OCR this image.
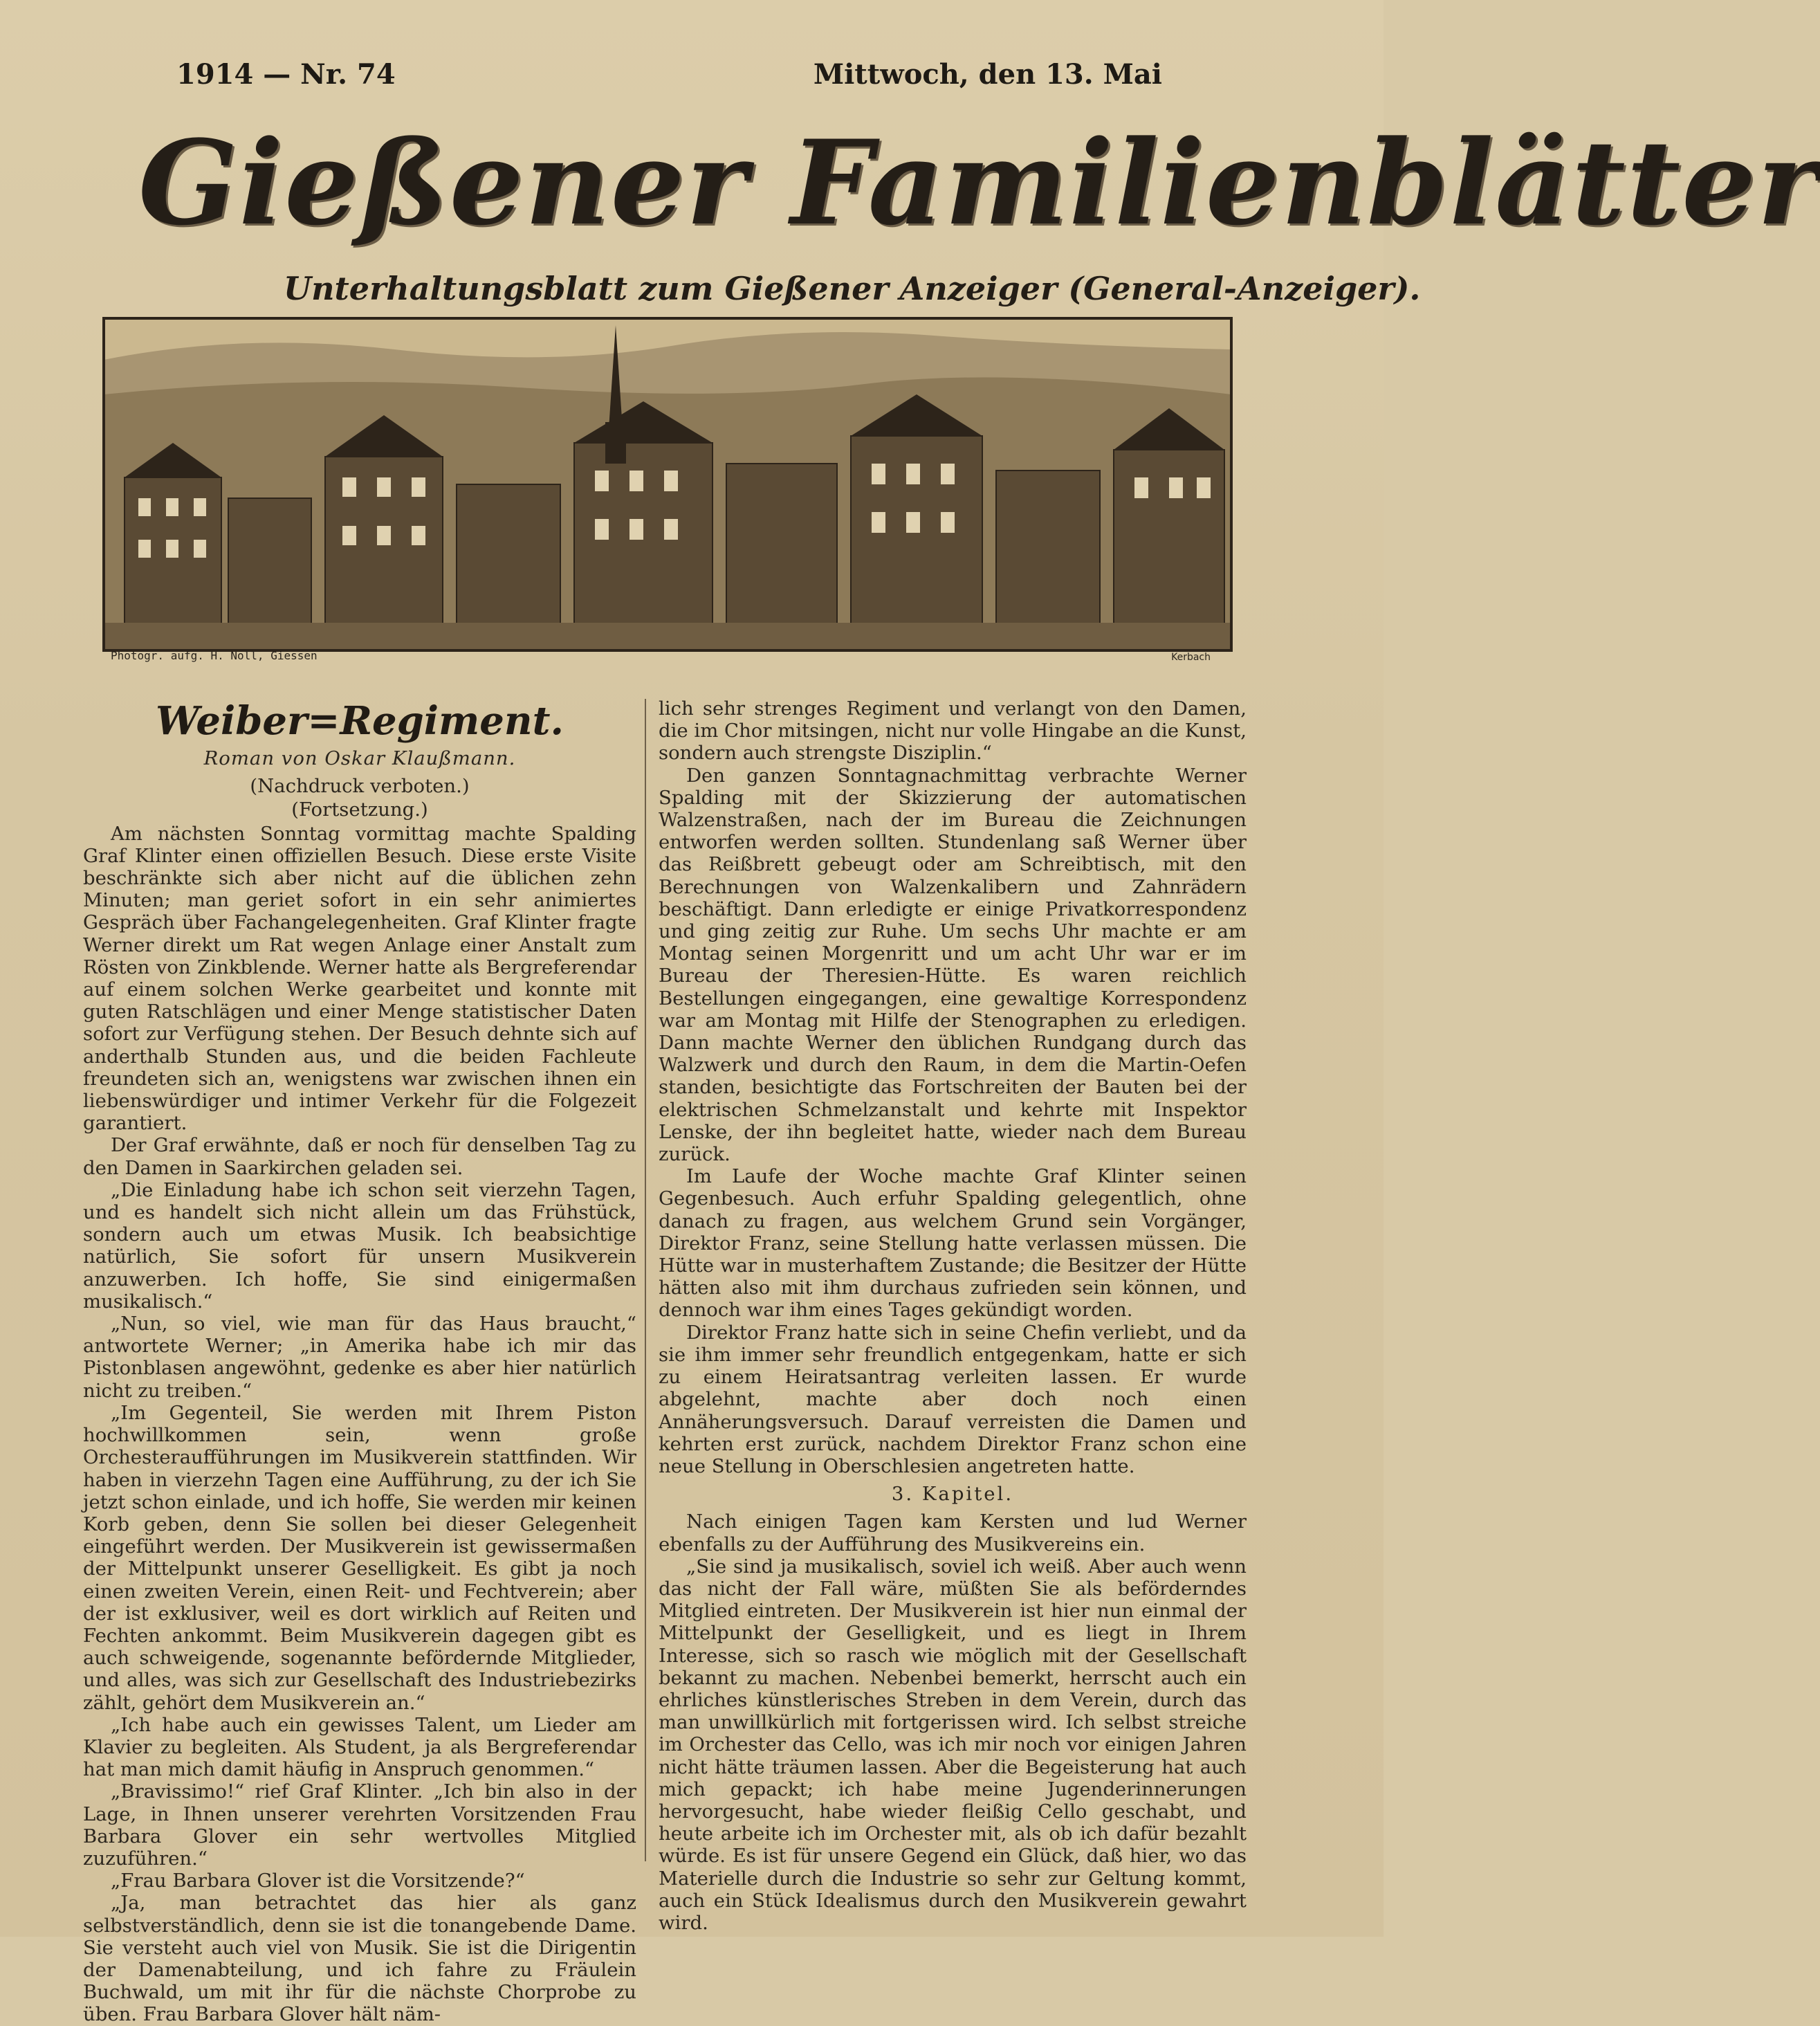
1914 — Nr. 74	Mittwoch, den 13. Mai
Gießener Familienblätter
Unterhaltungsblatt zum Gießener Anzeiger (General-Anzeiger).
Photogr. aufg. H. Noll, Giessen	Kerbach
Weiber=Regiment.
Roman von Oskar Klaußmann.
(Nachdruck verboten.)
(Fortsetzung.)

Am nächsten Sonntag vormittag machte Spalding Graf Klinter einen offiziellen Besuch. Diese erste Visite beschränkte sich aber nicht auf die üblichen zehn Minuten; man geriet sofort in ein sehr animiertes Gespräch über Fachangelegenheiten. Graf Klinter fragte Werner direkt um Rat wegen Anlage einer Anstalt zum Rösten von Zinkblende. Werner hatte als Bergreferendar auf einem solchen Werke gearbeitet und konnte mit guten Ratschlägen und einer Menge statistischer Daten sofort zur Verfügung stehen. Der Besuch dehnte sich auf anderthalb Stunden aus, und die beiden Fachleute freundeten sich an, wenigstens war zwischen ihnen ein liebenswürdiger und intimer Verkehr für die Folgezeit garantiert.

Der Graf erwähnte, daß er noch für denselben Tag zu den Damen in Saarkirchen geladen sei.

„Die Einladung habe ich schon seit vierzehn Tagen, und es handelt sich nicht allein um das Frühstück, sondern auch um etwas Musik. Ich beabsichtige natürlich, Sie sofort für unsern Musikverein anzuwerben. Ich hoffe, Sie sind einigermaßen musikalisch.“

„Nun, so viel, wie man für das Haus braucht,“ antwortete Werner; „in Amerika habe ich mir das Pistonblasen angewöhnt, gedenke es aber hier natürlich nicht zu treiben.“

„Im Gegenteil, Sie werden mit Ihrem Piston hochwillkommen sein, wenn große Orchesteraufführungen im Musikverein stattfinden. Wir haben in vierzehn Tagen eine Aufführung, zu der ich Sie jetzt schon einlade, und ich hoffe, Sie werden mir keinen Korb geben, denn Sie sollen bei dieser Gelegenheit eingeführt werden. Der Musikverein ist gewissermaßen der Mittelpunkt unserer Geselligkeit. Es gibt ja noch einen zweiten Verein, einen Reit- und Fechtverein; aber der ist exklusiver, weil es dort wirklich auf Reiten und Fechten ankommt. Beim Musikverein dagegen gibt es auch schweigende, sogenannte befördernde Mitglieder, und alles, was sich zur Gesellschaft des Industriebezirks zählt, gehört dem Musikverein an.“

„Ich habe auch ein gewisses Talent, um Lieder am Klavier zu begleiten. Als Student, ja als Bergreferendar hat man mich damit häufig in Anspruch genommen.“

„Bravissimo!“ rief Graf Klinter. „Ich bin also in der Lage, in Ihnen unserer verehrten Vorsitzenden Frau Barbara Glover ein sehr wertvolles Mitglied zuzuführen.“

„Frau Barbara Glover ist die Vorsitzende?“

„Ja, man betrachtet das hier als ganz selbstverständlich, denn sie ist die tonangebende Dame. Sie versteht auch viel von Musik. Sie ist die Dirigentin der Damenabteilung, und ich fahre zu Fräulein Buchwald, um mit ihr für die nächste Chorprobe zu üben. Frau Barbara Glover hält näm-

lich sehr strenges Regiment und verlangt von den Damen, die im Chor mitsingen, nicht nur volle Hingabe an die Kunst, sondern auch strengste Disziplin.“

Den ganzen Sonntagnachmittag verbrachte Werner Spalding mit der Skizzierung der automatischen Walzenstraßen, nach der im Bureau die Zeichnungen entworfen werden sollten. Stundenlang saß Werner über das Reißbrett gebeugt oder am Schreibtisch, mit den Berechnungen von Walzenkalibern und Zahnrädern beschäftigt. Dann erledigte er einige Privatkorrespondenz und ging zeitig zur Ruhe. Um sechs Uhr machte er am Montag seinen Morgenritt und um acht Uhr war er im Bureau der Theresien-Hütte. Es waren reichlich Bestellungen eingegangen, eine gewaltige Korrespondenz war am Montag mit Hilfe der Stenographen zu erledigen. Dann machte Werner den üblichen Rundgang durch das Walzwerk und durch den Raum, in dem die Martin-Oefen standen, besichtigte das Fortschreiten der Bauten bei der elektrischen Schmelzanstalt und kehrte mit Inspektor Lenske, der ihn begleitet hatte, wieder nach dem Bureau zurück.

Im Laufe der Woche machte Graf Klinter seinen Gegenbesuch. Auch erfuhr Spalding gelegentlich, ohne danach zu fragen, aus welchem Grund sein Vorgänger, Direktor Franz, seine Stellung hatte verlassen müssen. Die Hütte war in musterhaftem Zustande; die Besitzer der Hütte hätten also mit ihm durchaus zufrieden sein können, und dennoch war ihm eines Tages gekündigt worden.

Direktor Franz hatte sich in seine Chefin verliebt, und da sie ihm immer sehr freundlich entgegenkam, hatte er sich zu einem Heiratsantrag verleiten lassen. Er wurde abgelehnt, machte aber doch noch einen Annäherungsversuch. Darauf verreisten die Damen und kehrten erst zurück, nachdem Direktor Franz schon eine neue Stellung in Oberschlesien angetreten hatte.

3. Kapitel.

Nach einigen Tagen kam Kersten und lud Werner ebenfalls zu der Aufführung des Musikvereins ein.

„Sie sind ja musikalisch, soviel ich weiß. Aber auch wenn das nicht der Fall wäre, müßten Sie als beförderndes Mitglied eintreten. Der Musikverein ist hier nun einmal der Mittelpunkt der Geselligkeit, und es liegt in Ihrem Interesse, sich so rasch wie möglich mit der Gesellschaft bekannt zu machen. Nebenbei bemerkt, herrscht auch ein ehrliches künstlerisches Streben in dem Verein, durch das man unwillkürlich mit fortgerissen wird. Ich selbst streiche im Orchester das Cello, was ich mir noch vor einigen Jahren nicht hätte träumen lassen. Aber die Begeisterung hat auch mich gepackt; ich habe meine Jugenderinnerungen hervorgesucht, habe wieder fleißig Cello geschabt, und heute arbeite ich im Orchester mit, als ob ich dafür bezahlt würde. Es ist für unsere Gegend ein Glück, daß hier, wo das Materielle durch die Industrie so sehr zur Geltung kommt, auch ein Stück Idealismus durch den Musikverein gewahrt wird.
